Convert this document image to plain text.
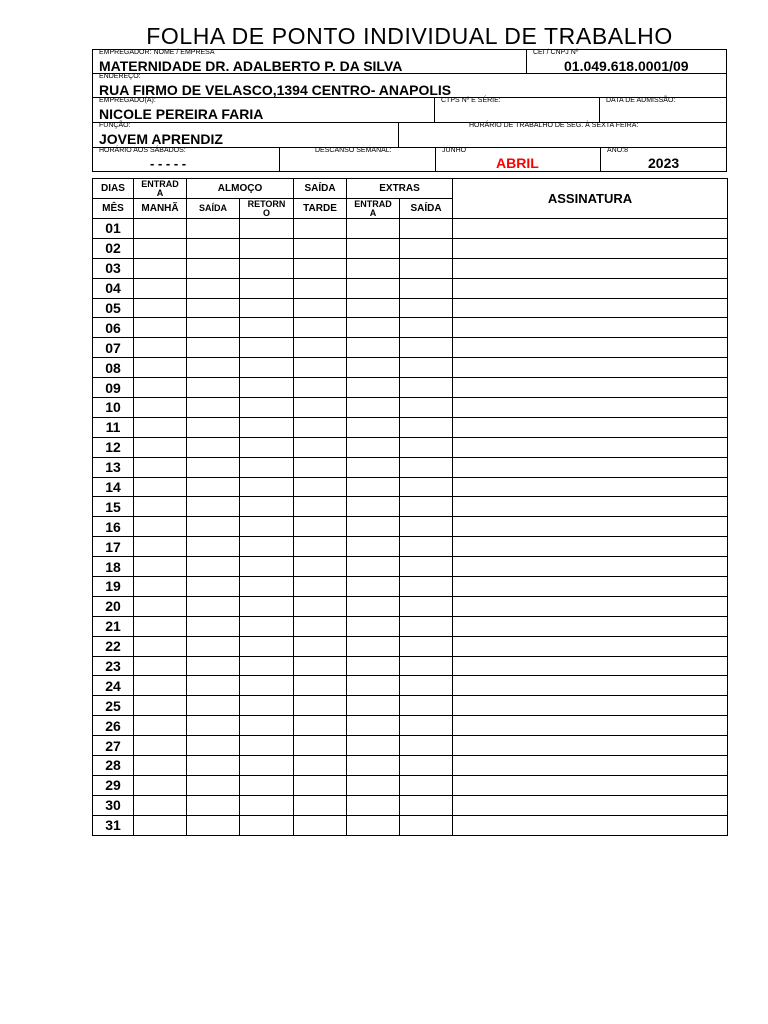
FOLHA DE PONTO INDIVIDUAL DE TRABALHO
EMPREGADOR: NOME / EMPRESA
MATERNIDADE DR. ADALBERTO P. DA SILVA
CEI / CNPJ Nº
01.049.618.0001/09
ENDEREÇO:
RUA FIRMO DE VELASCO,1394 CENTRO- ANAPOLIS
EMPREGADO(A):
NICOLE PEREIRA FARIA
CTPS Nº E SÉRIE:	DATA DE ADMISSÃO:
FUNÇÃO:
JOVEM APRENDIZ
HORÁRIO DE TRABALHO DE SEG. À SEXTA FEIRA:
HORÁRIO AOS SÁBADOS:
- - - - -
DESCANSO SEMANAL:	JUNHO
ABRIL
ANO:8
2023
DIAS	ENTRAD A	ALMOÇO		SAÍDA	EXTRAS		ASSINATURA
MÊS	MANHÃ	SAÍDA	RETORN O	TARDE	ENTRAD A	SAÍDA	
01							
02							
03							
04							
05							
06							
07							
08							
09							
10							
11							
12							
13							
14							
15							
16							
17							
18							
19							
20							
21							
22							
23							
24							
25							
26							
27							
28							
29							
30							
31							
